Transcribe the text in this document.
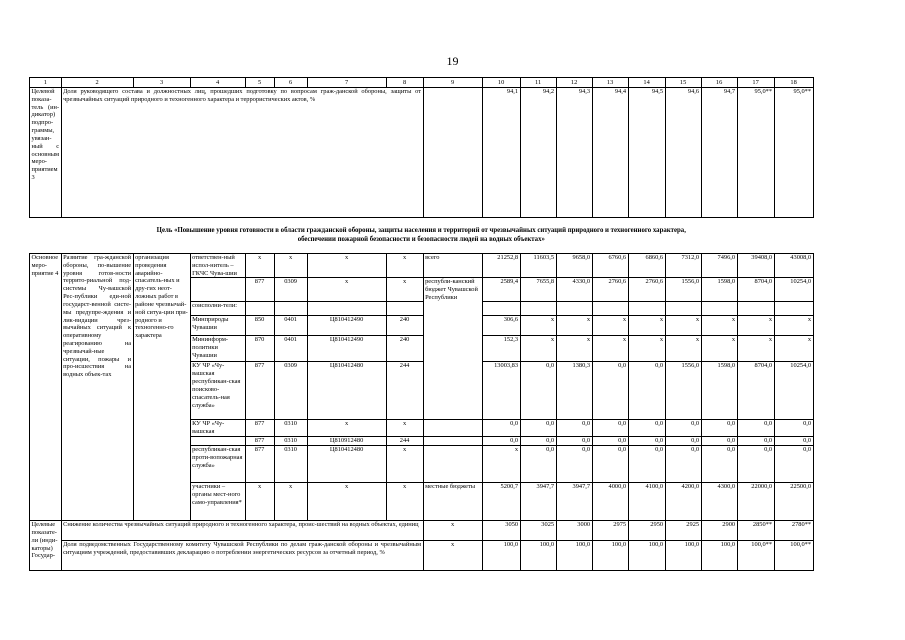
19
1	2	3	4	5	6	7	8	9	10	11	12	13	14	15	16	17	18
Целевой показа-тель (ин-дикатор) подпро-граммы, увязан-ный с основным меро-приятием 3	Доля руководящего состава и должностных лиц, прошедших подготовку по вопросам граж-данской обороны, защиты от чрезвычайных ситуаций природного и техногенного характера и террористических актов, %								94,1	94,2	94,3	94,4	94,5	94,6	94,7	95,0**	95,0**

Цель «Повышение уровня готовности в области гражданской обороны, защиты населения и территорий от чрезвычайных ситуаций природного и техногенного характера,
обеспечении пожарной безопасности и безопасности людей на водных объектах»																	

Основное меро-приятие 4	Развитие гра-жданской обороны, по-вышение уровня готов-ности террито-риальной под-системы Чу-вашской Рес-публики еди-ной государст-венной систе-мы предупре-ждения и лик-видации чрез-вычайных ситуаций к оперативному реагированию на чрезвычай-ные ситуации, пожары и про-исшествия на водных объек-тах	организация проведения аварийно-спасатель-ных и дру-гих неот-ложных работ в районе чрезвычай-ной ситуа-ции при-родного и техногенно-го характера	ответствен-ный испол-нитель – ГКЧС Чува-шии	x	x	x	x	всего	21252,8	11603,5	9658,0	6760,6	6860,6	7312,0	7496,0	39408,0	43008,0
				877	0309	x	x	республи-канский бюджет Чувашской Республики	2589,4	7655,8	4330,0	2760,6	2760,6	1556,0	1598,0	8704,0	10254,0
			соисполни-тели:														
			Минприроды Чувашии	850	0401	Ц810412490	240		306,6	x	x	x	x	x	x	x	x
			Мининформ-политики Чувашии	870	0401	Ц810412490	240		152,3	x	x	x	x	x	x	x	x
			КУ ЧР «Чу-вашская республикан-ская поисково-спасатель-ная служба»	877	0309	Ц810412480	244		13003,83	0,0	1380,3	0,0	0,0	1556,0	1598,0	8704,0	10254,0
			КУ ЧР «Чу-вашская	877	0310	x	x		0,0	0,0	0,0	0,0	0,0	0,0	0,0	0,0	0,0
				877	0310	Ц810912480	244		0,0	0,0	0,0	0,0	0,0	0,0	0,0	0,0	0,0
			республикан-ская проти-вопожарная служба»	877	0310	Ц810412480	x		x	0,0	0,0	0,0	0,0	0,0	0,0	0,0	0,0
			участники – органы мест-ного само-управления*	x	x	x	x	местные бюджеты	5200,7	3947,7	3947,7	4000,0	4100,0	4200,0	4300,0	22000,0	22500,0
Целевые показате-ли (инди-каторы) Государ-	Снижение количества чрезвычайных ситуаций природного и техногенного характера, проис-шествий на водных объектах, единиц							x	3050	3025	3000	2975	2950	2925	2900	2850**	2780**
	Доля подведомственных Государственному комитету Чувашской Республики по делам граж-данской обороны и чрезвычайным ситуациям учреждений, предоставивших декларацию о потреблении энергетических ресурсов за отчетный период, %							x	100,0	100,0	100,0	100,0	100,0	100,0	100,0	100,0**	100,0**
